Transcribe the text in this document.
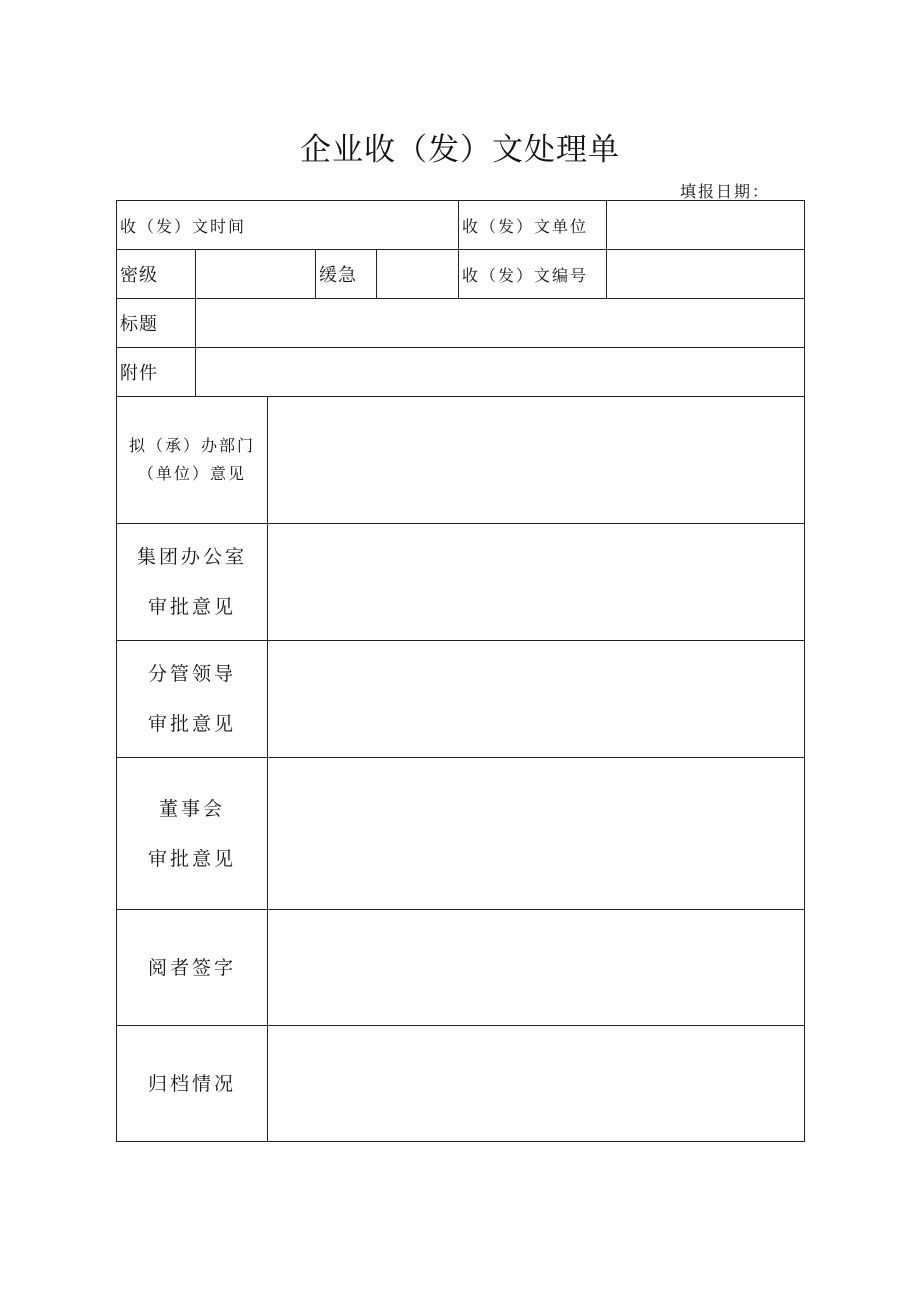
企业收（发）文处理单
填报日期：
收（发）文时间					收（发）文单位	
密级			缓急		收（发）文编号	
标题						
附件						

拟（承）办部门
（单位）意见						

集团办公室
审批意见						

分管领导
审批意见						

董事会
审批意见						

阅者签字						
归档情况						
